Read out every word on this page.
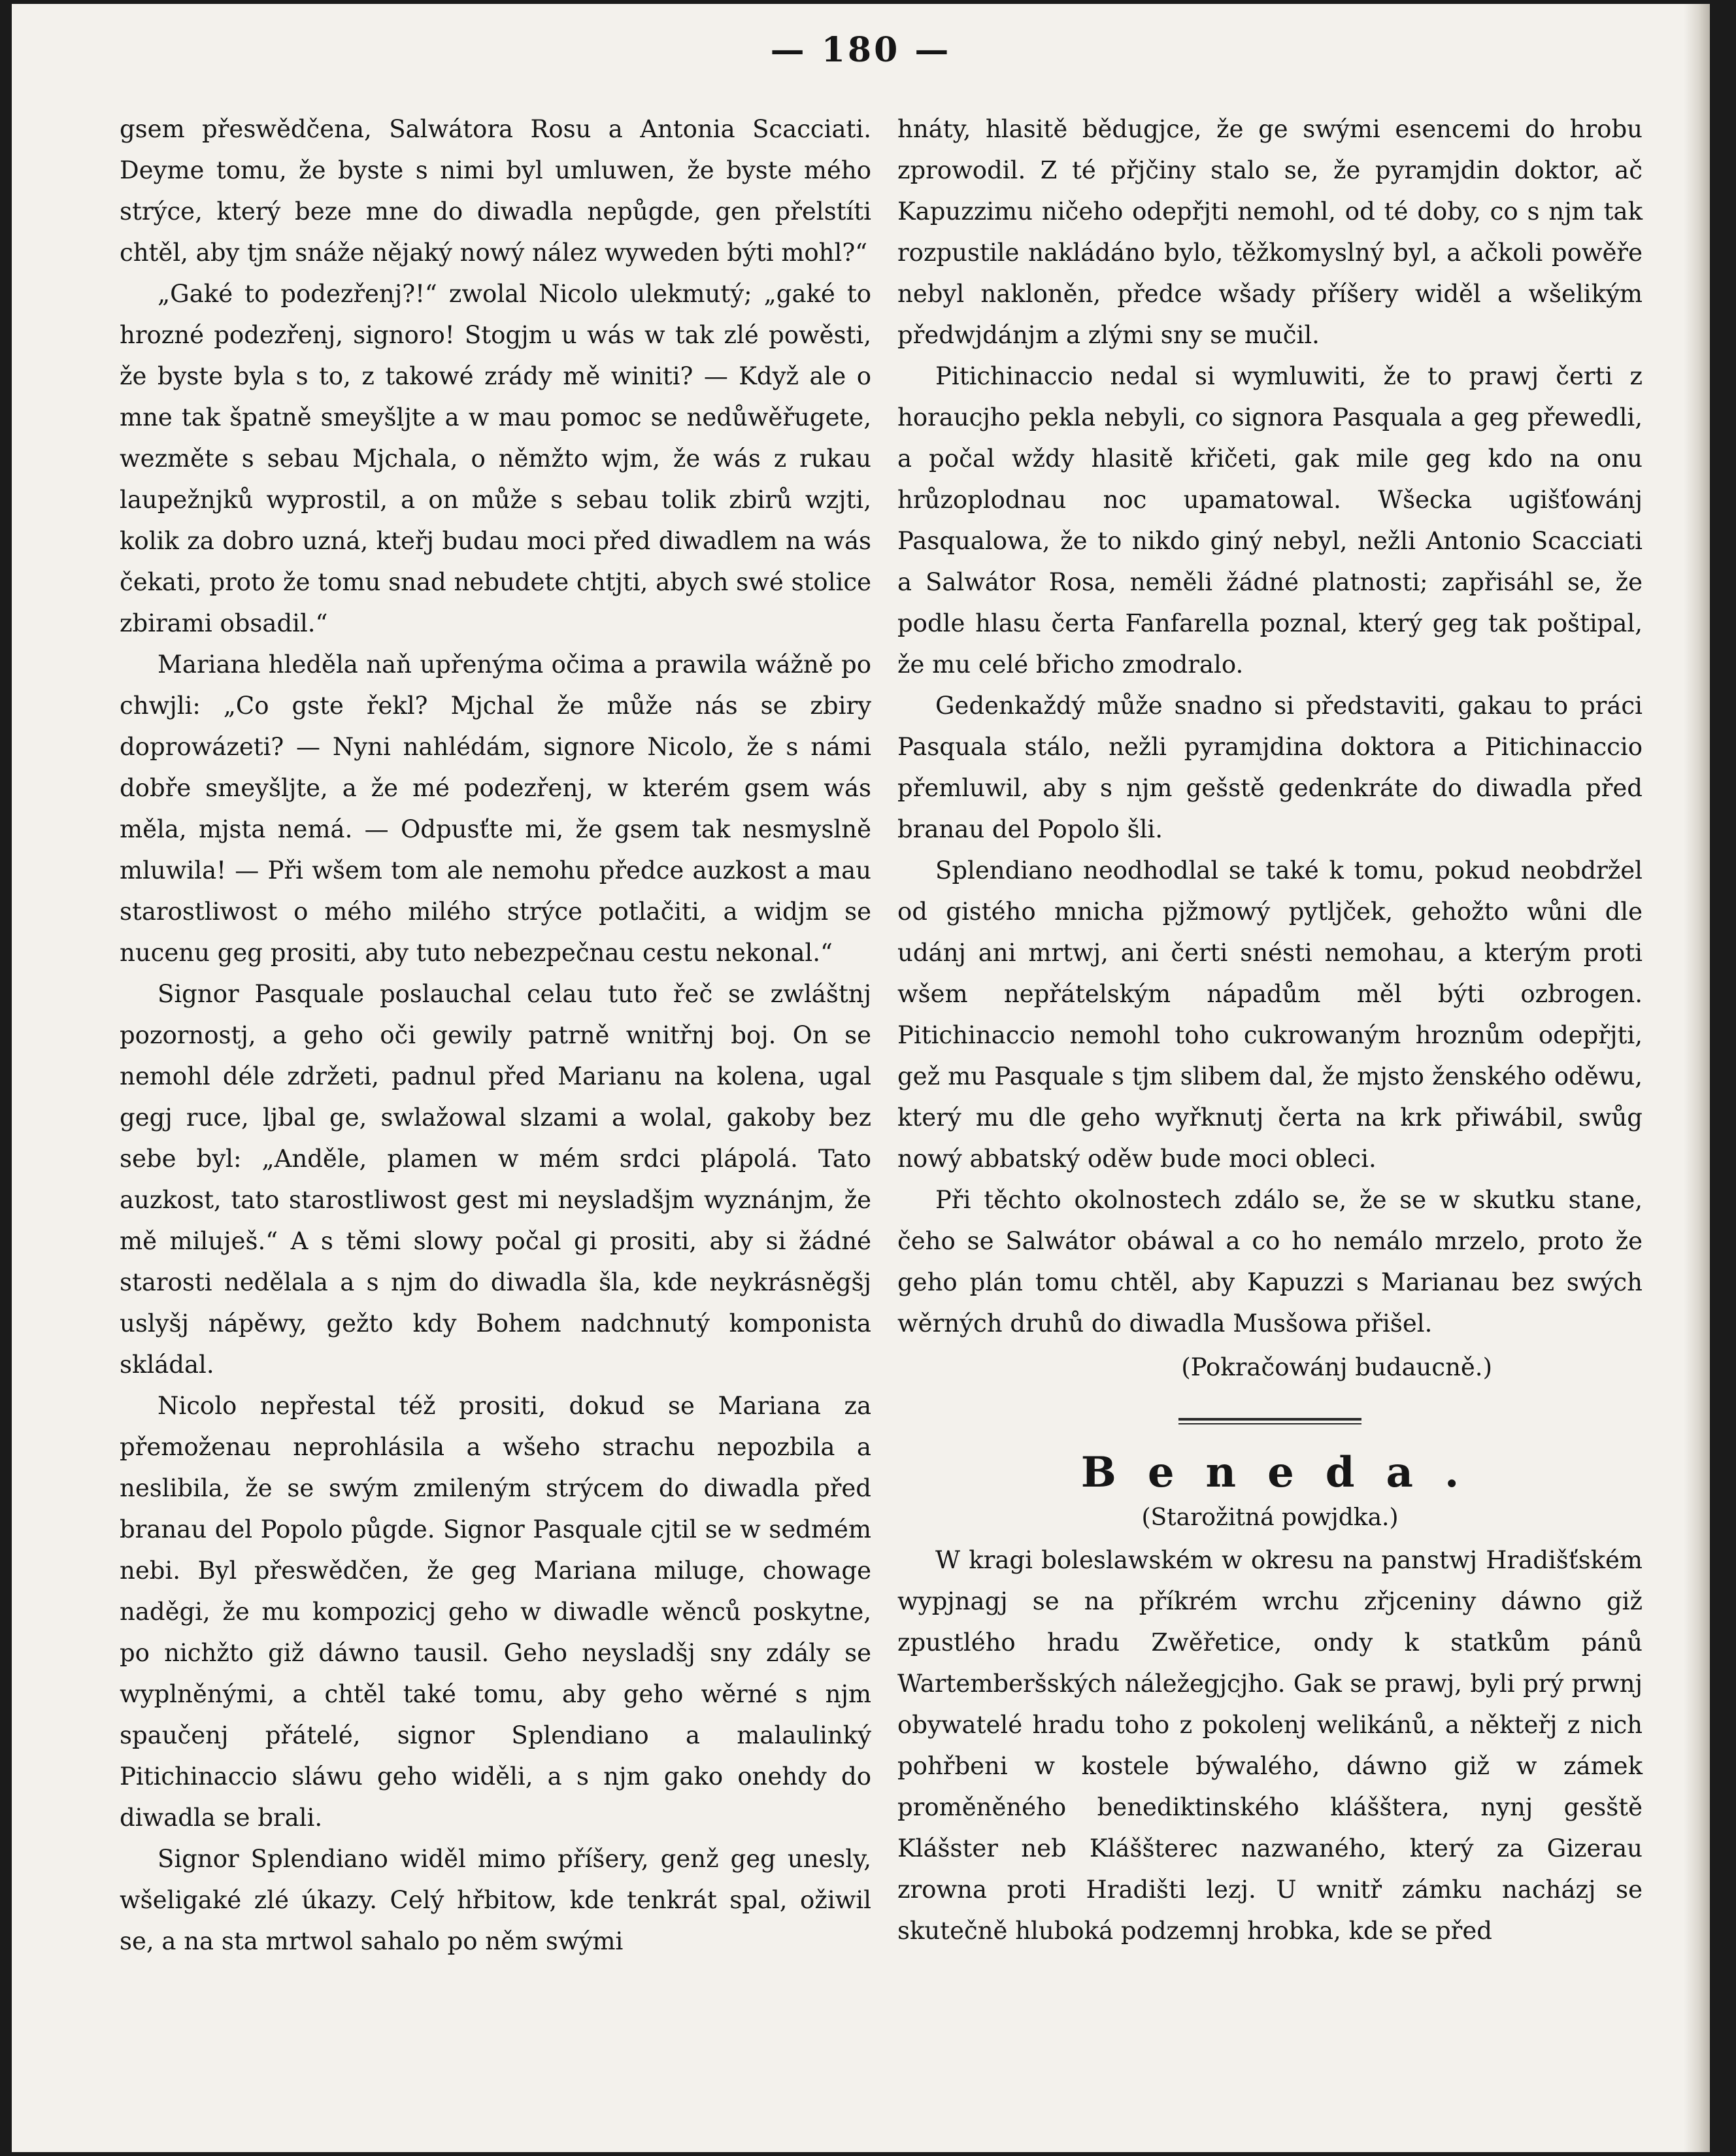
— 180 —

gsem přeswědčena, Salwátora Rosu a Antonia Scacciati. Deyme tomu, že byste s nimi byl umluwen, že byste mého strýce, který beze mne do diwadla nepůgde, gen přelstíti chtěl, aby tjm snáže nějaký nowý nález wyweden býti mohl?“

„Gaké to podezřenj?!“ zwolal Nicolo ulekmutý; „gaké to hrozné podezřenj, signoro! Stogjm u wás w tak zlé powěsti, že byste byla s to, z takowé zrády mě winiti? — Když ale o mne tak špatně smeyšljte a w mau pomoc se nedůwěřugete, wezměte s sebau Mjchala, o němžto wjm, že wás z rukau laupežnjků wyprostil, a on může s sebau tolik zbirů wzjti, kolik za dobro uzná, kteřj budau moci před diwadlem na wás čekati, proto že tomu snad nebudete chtjti, abych swé stolice zbirami obsadil.“

Mariana hleděla naň upřenýma očima a prawila wážně po chwjli: „Co gste řekl? Mjchal že může nás se zbiry doprowázeti? — Nyni nahlédám, signore Nicolo, že s námi dobře smeyšljte, a že mé podezřenj, w kterém gsem wás měla, mjsta nemá. — Odpusťte mi, že gsem tak nesmyslně mluwila! — Při wšem tom ale nemohu předce auzkost a mau starostliwost o mého milého strýce potlačiti, a widjm se nucenu geg prositi, aby tuto nebezpečnau cestu nekonal.“

Signor Pasquale poslauchal celau tuto řeč se zwláštnj pozornostj, a geho oči gewily patrně wnitřnj boj. On se nemohl déle zdržeti, padnul před Marianu na kolena, ugal gegj ruce, ljbal ge, swlažowal slzami a wolal, gakoby bez sebe byl: „Anděle, plamen w mém srdci plápolá. Tato auzkost, tato starostliwost gest mi neysladšjm wyznánjm, že mě miluješ.“ A s těmi slowy počal gi prositi, aby si žádné starosti nedělala a s njm do diwadla šla, kde neykrásněgšj uslyšj nápěwy, gežto kdy Bohem nadchnutý komponista skládal.

Nicolo nepřestal též prositi, dokud se Mariana za přemoženau neprohlásila a wšeho strachu nepozbila a neslibila, že se swým zmileným strýcem do diwadla před branau del Popolo půgde. Signor Pasquale cjtil se w sedmém nebi. Byl přeswědčen, že geg Mariana miluge, chowage naděgi, že mu kompozicj geho w diwadle wěnců poskytne, po nichžto giž dáwno tausil. Geho neysladšj sny zdály se wyplněnými, a chtěl také tomu, aby geho wěrné s njm spaučenj přátelé, signor Splendiano a malaulinký Pitichinaccio sláwu geho widěli, a s njm gako onehdy do diwadla se brali.

Signor Splendiano widěl mimo příšery, genž geg unesly, wšeligaké zlé úkazy. Celý hřbitow, kde tenkrát spal, ožiwil se, a na sta mrtwol sahalo po něm swými

hnáty, hlasitě bědugjce, že ge swými esencemi do hrobu zprowodil. Z té přjčiny stalo se, že pyramjdin doktor, ač Kapuzzimu ničeho odepřjti nemohl, od té doby, co s njm tak rozpustile nakládáno bylo, těžkomyslný byl, a ačkoli powěře nebyl nakloněn, předce wšady příšery widěl a wšelikým předwjdánjm a zlými sny se mučil.

Pitichinaccio nedal si wymluwiti, že to prawj čerti z horaucjho pekla nebyli, co signora Pasquala a geg přewedli, a počal wždy hlasitě křičeti, gak mile geg kdo na onu hrůzoplodnau noc upamatowal. Wšecka ugišťowánj Pasqualowa, že to nikdo giný nebyl, nežli Antonio Scacciati a Salwátor Rosa, neměli žádné platnosti; zapřisáhl se, že podle hlasu čerta Fanfarella poznal, který geg tak poštipal, že mu celé břicho zmodralo.

Gedenkaždý může snadno si představiti, gakau to práci Pasquala stálo, nežli pyramjdina doktora a Pitichinaccio přemluwil, aby s njm gešstě gedenkráte do diwadla před branau del Popolo šli.

Splendiano neodhodlal se také k tomu, pokud neobdržel od gistého mnicha pjžmowý pytljček, gehožto wůni dle udánj ani mrtwj, ani čerti snésti nemohau, a kterým proti wšem nepřátelským nápadům měl býti ozbrogen. Pitichinaccio nemohl toho cukrowaným hroznům odepřjti, gež mu Pasquale s tjm slibem dal, že mjsto ženského oděwu, který mu dle geho wyřknutj čerta na krk přiwábil, swůg nowý abbatský oděw bude moci obleci.

Při těchto okolnostech zdálo se, že se w skutku stane, čeho se Salwátor obáwal a co ho nemálo mrzelo, proto že geho plán tomu chtěl, aby Kapuzzi s Marianau bez swých wěrných druhů do diwadla Musšowa přišel.

(Pokračowánj budaucně.)
Beneda.
(Starožitná powjdka.)

W kragi boleslawském w okresu na panstwj Hradišťském wypjnagj se na příkrém wrchu zřjceniny dáwno giž zpustlého hradu Zwěřetice, ondy k statkům pánů Wartemberšských náležegjcjho. Gak se prawj, byli prý prwnj obywatelé hradu toho z pokolenj welikánů, a někteřj z nich pohřbeni w kostele býwalého, dáwno giž w zámek proměněného benediktinského klášštera, nynj gesště Klášster neb Kláššterec nazwaného, který za Gizerau zrowna proti Hradišti lezj. U wnitř zámku nacházj se skutečně hluboká podzemnj hrobka, kde se před
